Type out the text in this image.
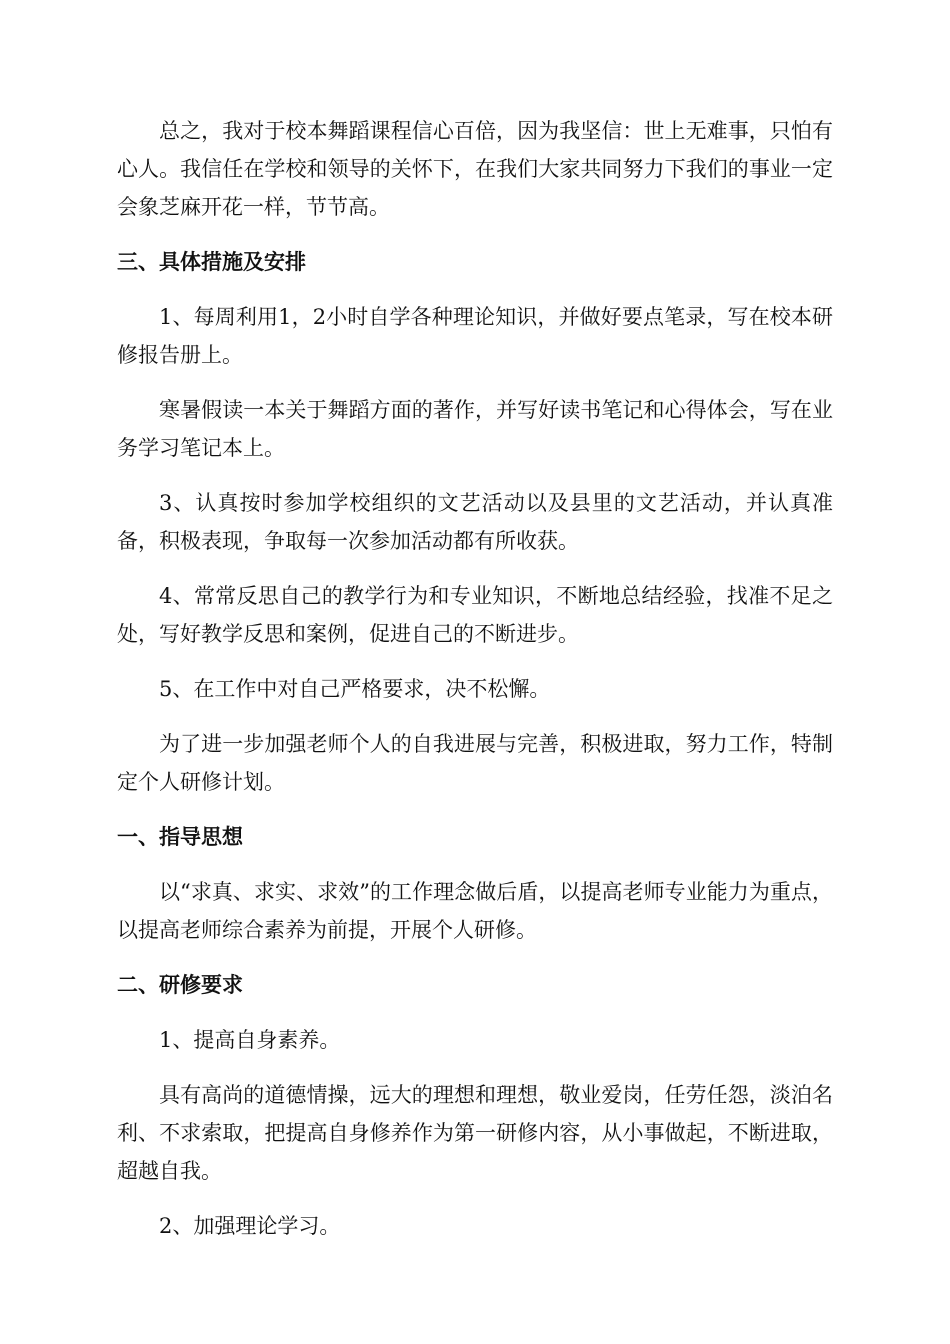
总之，我对于校本舞蹈课程信心百倍，因为我坚信：世上无难事，只怕有心人。我信任在学校和领导的关怀下，在我们大家共同努力下我们的事业一定会象芝麻开花一样，节节高。

三、具体措施及安排

1、每周利用1，2小时自学各种理论知识，并做好要点笔录，写在校本研修报告册上。

寒暑假读一本关于舞蹈方面的著作，并写好读书笔记和心得体会，写在业务学习笔记本上。

3、认真按时参加学校组织的文艺活动以及县里的文艺活动，并认真准备，积极表现，争取每一次参加活动都有所收获。

4、常常反思自己的教学行为和专业知识，不断地总结经验，找准不足之处，写好教学反思和案例，促进自己的不断进步。

5、在工作中对自己严格要求，决不松懈。

为了进一步加强老师个人的自我进展与完善，积极进取，努力工作，特制定个人研修计划。

一、指导思想

以“求真、求实、求效”的工作理念做后盾，以提高老师专业能力为重点，以提高老师综合素养为前提，开展个人研修。

二、研修要求

1、提高自身素养。

具有高尚的道德情操，远大的理想和理想，敬业爱岗，任劳任怨，淡泊名利、不求索取，把提高自身修养作为第一研修内容，从小事做起，不断进取，超越自我。

2、加强理论学习。
